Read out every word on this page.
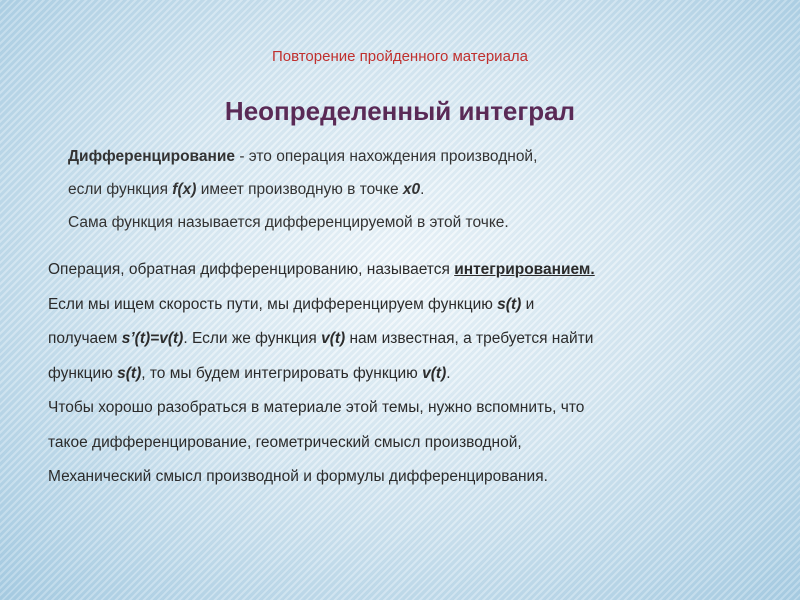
Повторение пройденного материала
Неопределенный интеграл
Дифференцирование - это операция нахождения производной,
если функция f(x) имеет производную в точке x0.
Сама функция называется дифференцируемой в этой точке.
Операция, обратная дифференцированию, называется интегрированием.
Если мы ищем скорость пути, мы дифференцируем функцию s(t) и
получаем s’(t)=v(t). Если же функция v(t) нам известная, а требуется найти
функцию s(t), то мы будем интегрировать функцию v(t).
Чтобы хорошо разобраться в материале этой темы, нужно вспомнить, что
такое дифференцирование, геометрический смысл производной,
Механический смысл производной и формулы дифференцирования.
